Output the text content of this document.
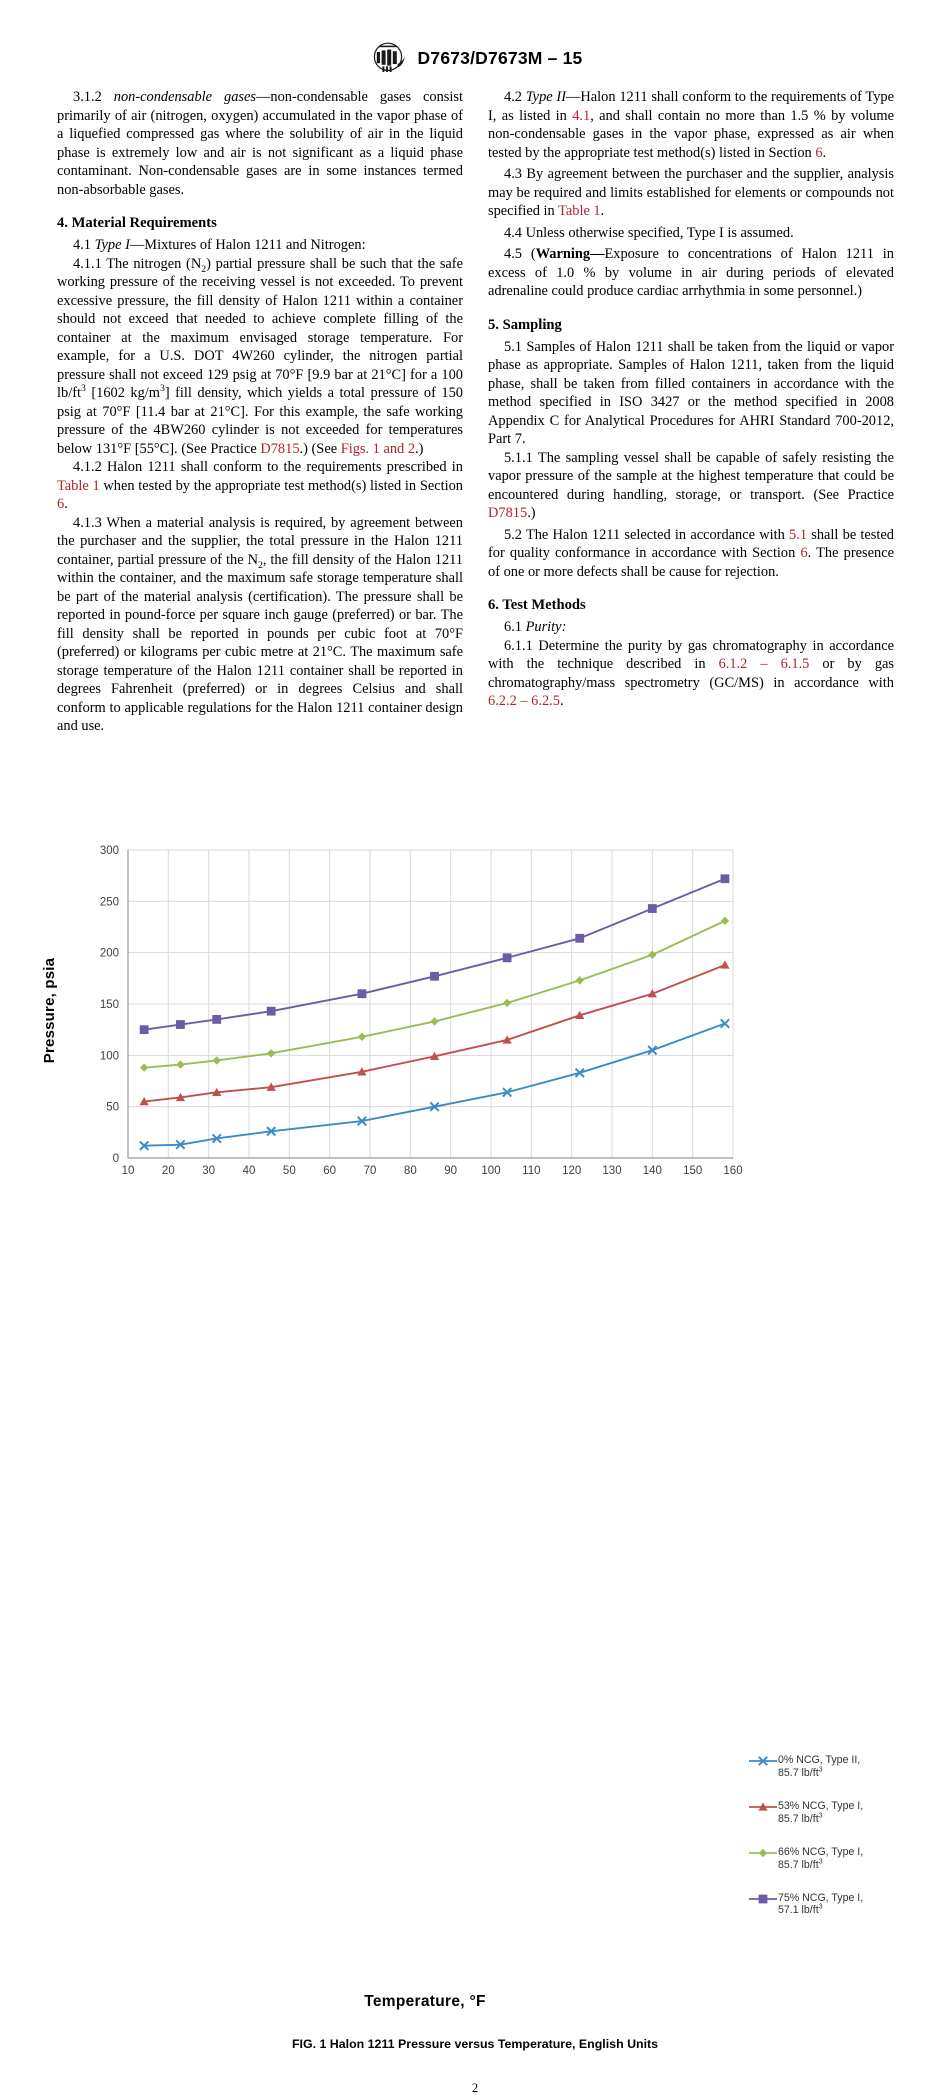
D7673/D7673M – 15

3.1.2 non-condensable gases—non-condensable gases consist primarily of air (nitrogen, oxygen) accumulated in the vapor phase of a liquefied compressed gas where the solubility of air in the liquid phase is extremely low and air is not significant as a liquid phase contaminant. Non-condensable gases are in some instances termed non-absorbable gases.

4. Material Requirements

4.1 Type I—Mixtures of Halon 1211 and Nitrogen:

4.1.1 The nitrogen $(N_2)$ partial pressure shall be such that the safe working pressure of the receiving vessel is not exceeded. To prevent excessive pressure, the fill density of Halon 1211 within a container should not exceed that needed to achieve complete filling of the container at the maximum envisaged storage temperature. For example, for a U.S. DOT 4W260 cylinder, the nitrogen partial pressure shall not exceed 129 psig at 70°F [9.9 bar at 21°C] for a 100 $lb/ft^3$ [1602 $kg/m^3$] fill density, which yields a total pressure of 150 psig at 70°F [11.4 bar at 21°C]. For this example, the safe working pressure of the 4BW260 cylinder is not exceeded for temperatures below 131°F [55°C]. (See Practice D7815.) (See Figs. 1 and 2.)

4.1.2 Halon 1211 shall conform to the requirements prescribed in Table 1 when tested by the appropriate test method(s) listed in Section 6.

4.1.3 When a material analysis is required, by agreement between the purchaser and the supplier, the total pressure in the Halon 1211 container, partial pressure of the $N_2$, the fill density of the Halon 1211 within the container, and the maximum safe storage temperature shall be part of the material analysis (certification). The pressure shall be reported in pound-force per square inch gauge (preferred) or bar. The fill density shall be reported in pounds per cubic foot at 70°F (preferred) or kilograms per cubic metre at 21°C. The maximum safe storage temperature of the Halon 1211 container shall be reported in degrees Fahrenheit (preferred) or in degrees Celsius and shall conform to applicable regulations for the Halon 1211 container design and use.

4.2 Type II—Halon 1211 shall conform to the requirements of Type I, as listed in 4.1, and shall contain no more than 1.5 % by volume non-condensable gases in the vapor phase, expressed as air when tested by the appropriate test method(s) listed in Section 6.

4.3 By agreement between the purchaser and the supplier, analysis may be required and limits established for elements or compounds not specified in Table 1.

4.4 Unless otherwise specified, Type I is assumed.

4.5 (Warning—Exposure to concentrations of Halon 1211 in excess of 1.0 % by volume in air during periods of elevated adrenaline could produce cardiac arrhythmia in some personnel.)

5. Sampling

5.1 Samples of Halon 1211 shall be taken from the liquid or vapor phase as appropriate. Samples of Halon 1211, taken from the liquid phase, shall be taken from filled containers in accordance with the method specified in ISO 3427 or the method specified in 2008 Appendix C for Analytical Procedures for AHRI Standard 700-2012, Part 7.

5.1.1 The sampling vessel shall be capable of safely resisting the vapor pressure of the sample at the highest temperature that could be encountered during handling, storage, or transport. (See Practice D7815.)

5.2 The Halon 1211 selected in accordance with 5.1 shall be tested for quality conformance in accordance with Section 6. The presence of one or more defects shall be cause for rejection.

6. Test Methods

6.1 Purity:

6.1.1 Determine the purity by gas chromatography in accordance with the technique described in 6.1.2 – 6.1.5 or by gas chromatography/mass spectrometry (GC/MS) in accordance with 6.2.2 – 6.2.5.

Pressure, psia
0
50
100
150
200
250
300
10 20 30 40 50 60 70 80 90 100 110 120 130 140 150 160
0% NCG, Type II,
85.7 $lb/ft^3$
53% NCG, Type I,
85.7 $lb/ft^3$
66% NCG, Type I,
85.7 $lb/ft^3$
75% NCG, Type I,
57.1 $lb/ft^3$
Temperature, °F
FIG. 1 Halon 1211 Pressure versus Temperature, English Units
2
